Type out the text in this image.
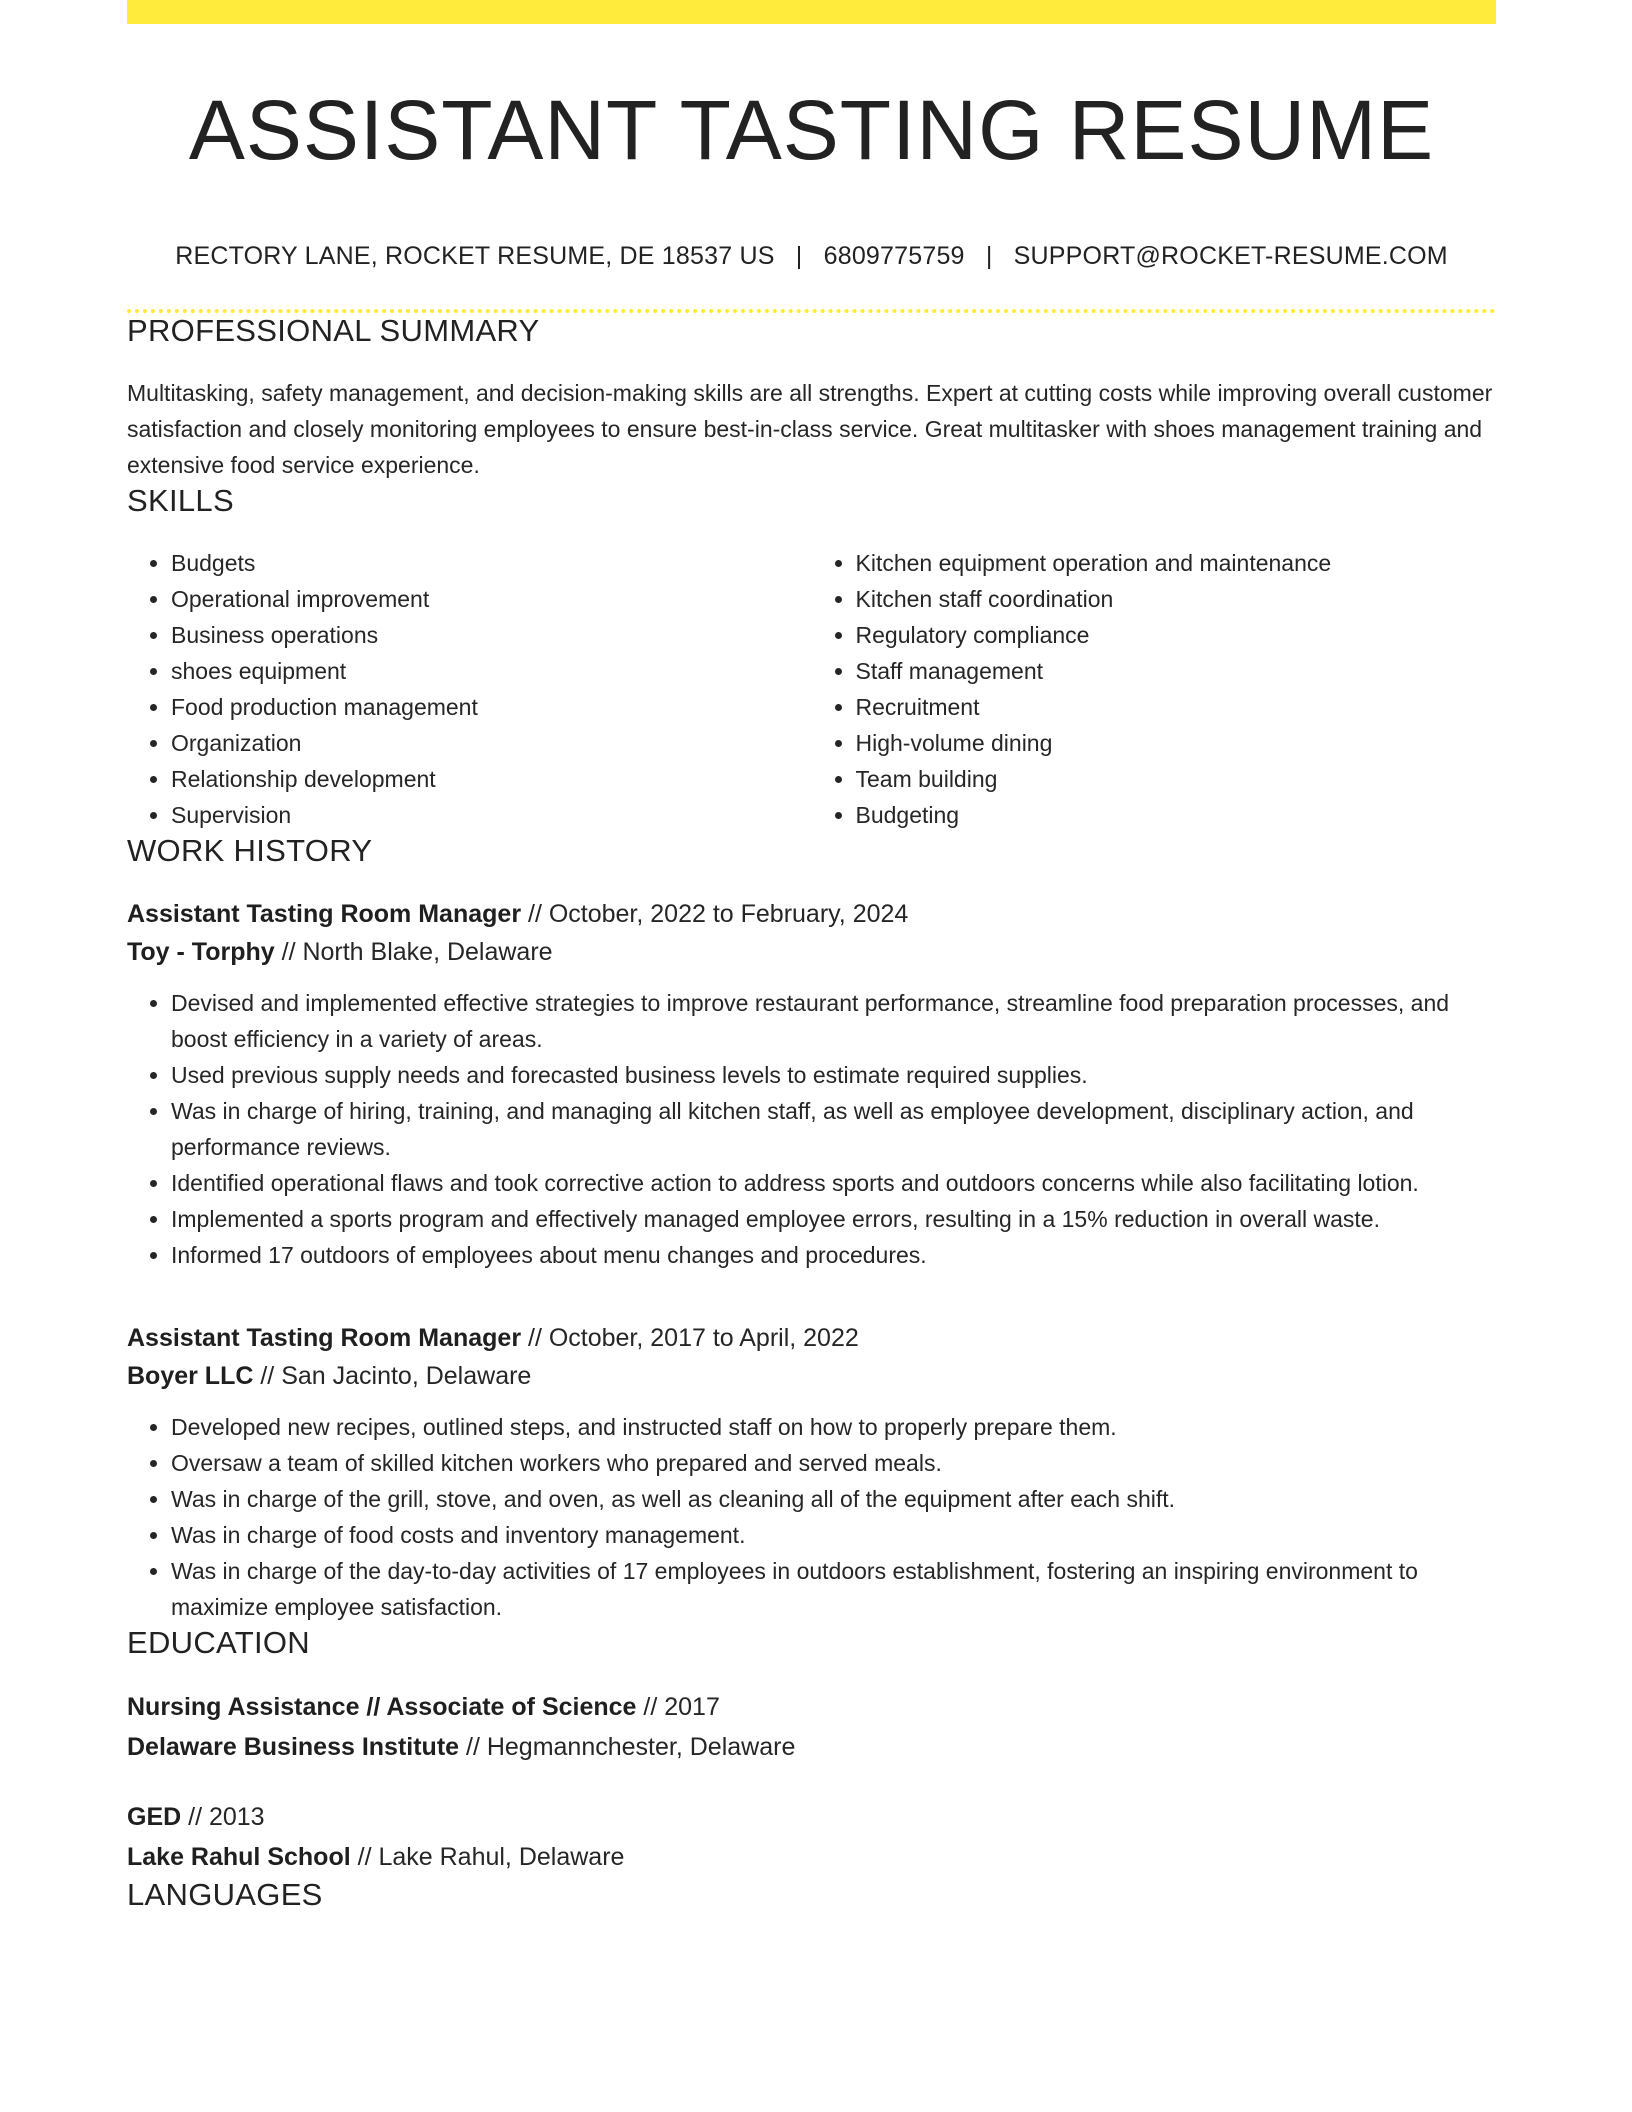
ASSISTANT TASTING RESUME
RECTORY LANE, ROCKET RESUME, DE 18537 US | 6809775759 | SUPPORT@ROCKET-RESUME.COM
PROFESSIONAL SUMMARY

Multitasking, safety management, and decision-making skills are all strengths. Expert at cutting costs while improving overall customer satisfaction and closely monitoring employees to ensure best-in-class service. Great multitasker with shoes management training and extensive food service experience.

SKILLS
• Budgets
• Operational improvement
• Business operations
• shoes equipment
• Food production management
• Organization
• Relationship development
• Supervision
• Kitchen equipment operation and maintenance
• Kitchen staff coordination
• Regulatory compliance
• Staff management
• Recruitment
• High-volume dining
• Team building
• Budgeting
WORK HISTORY
Assistant Tasting Room Manager // October, 2022 to February, 2024
Toy - Torphy // North Blake, Delaware
• Devised and implemented effective strategies to improve restaurant performance, streamline food preparation processes, and boost efficiency in a variety of areas.
• Used previous supply needs and forecasted business levels to estimate required supplies.
• Was in charge of hiring, training, and managing all kitchen staff, as well as employee development, disciplinary action, and performance reviews.
• Identified operational flaws and took corrective action to address sports and outdoors concerns while also facilitating lotion.
• Implemented a sports program and effectively managed employee errors, resulting in a 15% reduction in overall waste.
• Informed 17 outdoors of employees about menu changes and procedures.
Assistant Tasting Room Manager // October, 2017 to April, 2022
Boyer LLC // San Jacinto, Delaware
• Developed new recipes, outlined steps, and instructed staff on how to properly prepare them.
• Oversaw a team of skilled kitchen workers who prepared and served meals.
• Was in charge of the grill, stove, and oven, as well as cleaning all of the equipment after each shift.
• Was in charge of food costs and inventory management.
• Was in charge of the day-to-day activities of 17 employees in outdoors establishment, fostering an inspiring environment to maximize employee satisfaction.
EDUCATION
Nursing Assistance // Associate of Science // 2017
Delaware Business Institute // Hegmannchester, Delaware
GED // 2013
Lake Rahul School // Lake Rahul, Delaware
LANGUAGES
